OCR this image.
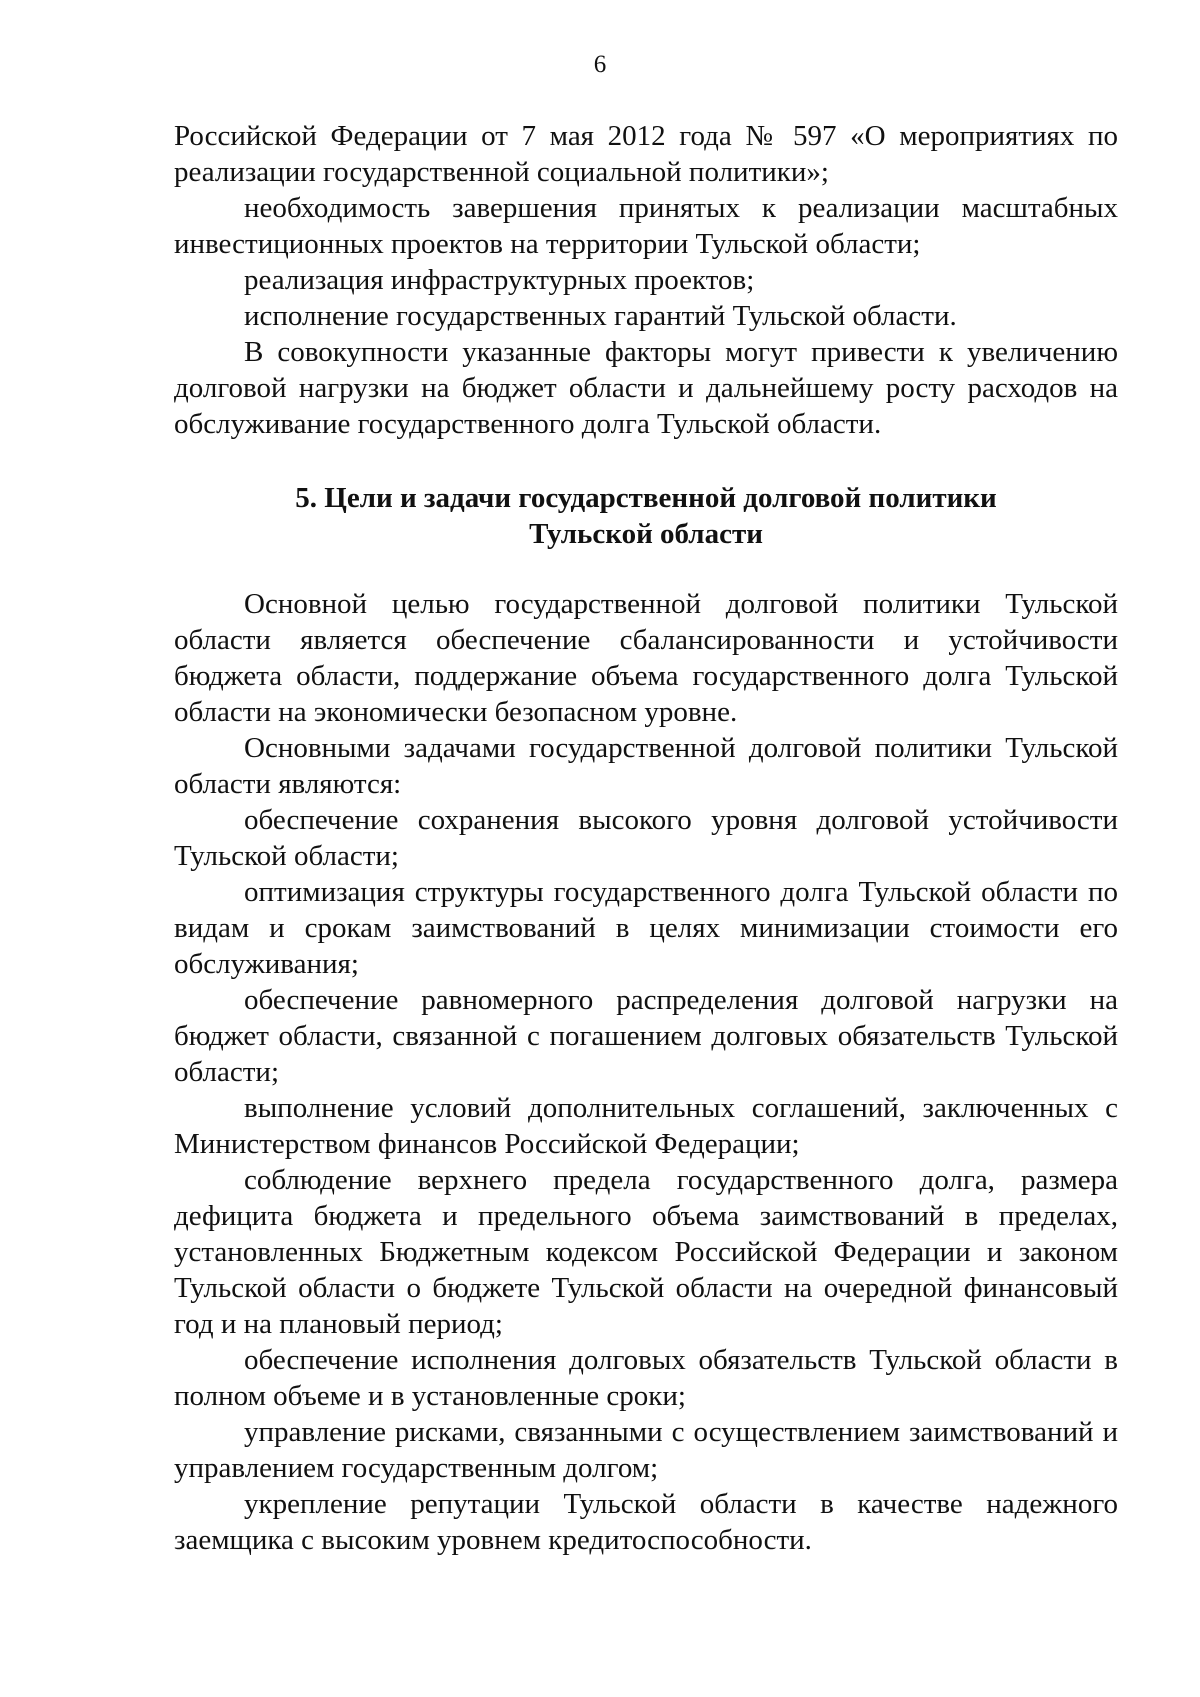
6

Российской Федерации от 7 мая 2012 года № 597 «О мероприятиях по реализации государственной социальной политики»;

необходимость завершения принятых к реализации масштабных инвестиционных проектов на территории Тульской области;

реализация инфраструктурных проектов;

исполнение государственных гарантий Тульской области.

В совокупности указанные факторы могут привести к увеличению долговой нагрузки на бюджет области и дальнейшему росту расходов на обслуживание государственного долга Тульской области.

5. Цели и задачи государственной долговой политики
Тульской области

Основной целью государственной долговой политики Тульской области является обеспечение сбалансированности и устойчивости бюджета области, поддержание объема государственного долга Тульской области на экономически безопасном уровне.

Основными задачами государственной долговой политики Тульской области являются:

обеспечение сохранения высокого уровня долговой устойчивости Тульской области;

оптимизация структуры государственного долга Тульской области по видам и срокам заимствований в целях минимизации стоимости его обслуживания;

обеспечение равномерного распределения долговой нагрузки на бюджет области, связанной с погашением долговых обязательств Тульской области;

выполнение условий дополнительных соглашений, заключенных с Министерством финансов Российской Федерации;

соблюдение верхнего предела государственного долга, размера дефицита бюджета и предельного объема заимствований в пределах, установленных Бюджетным кодексом Российской Федерации и законом Тульской области о бюджете Тульской области на очередной финансовый год и на плановый период;

обеспечение исполнения долговых обязательств Тульской области в полном объеме и в установленные сроки;

управление рисками, связанными с осуществлением заимствований и управлением государственным долгом;

укрепление репутации Тульской области в качестве надежного заемщика с высоким уровнем кредитоспособности.
